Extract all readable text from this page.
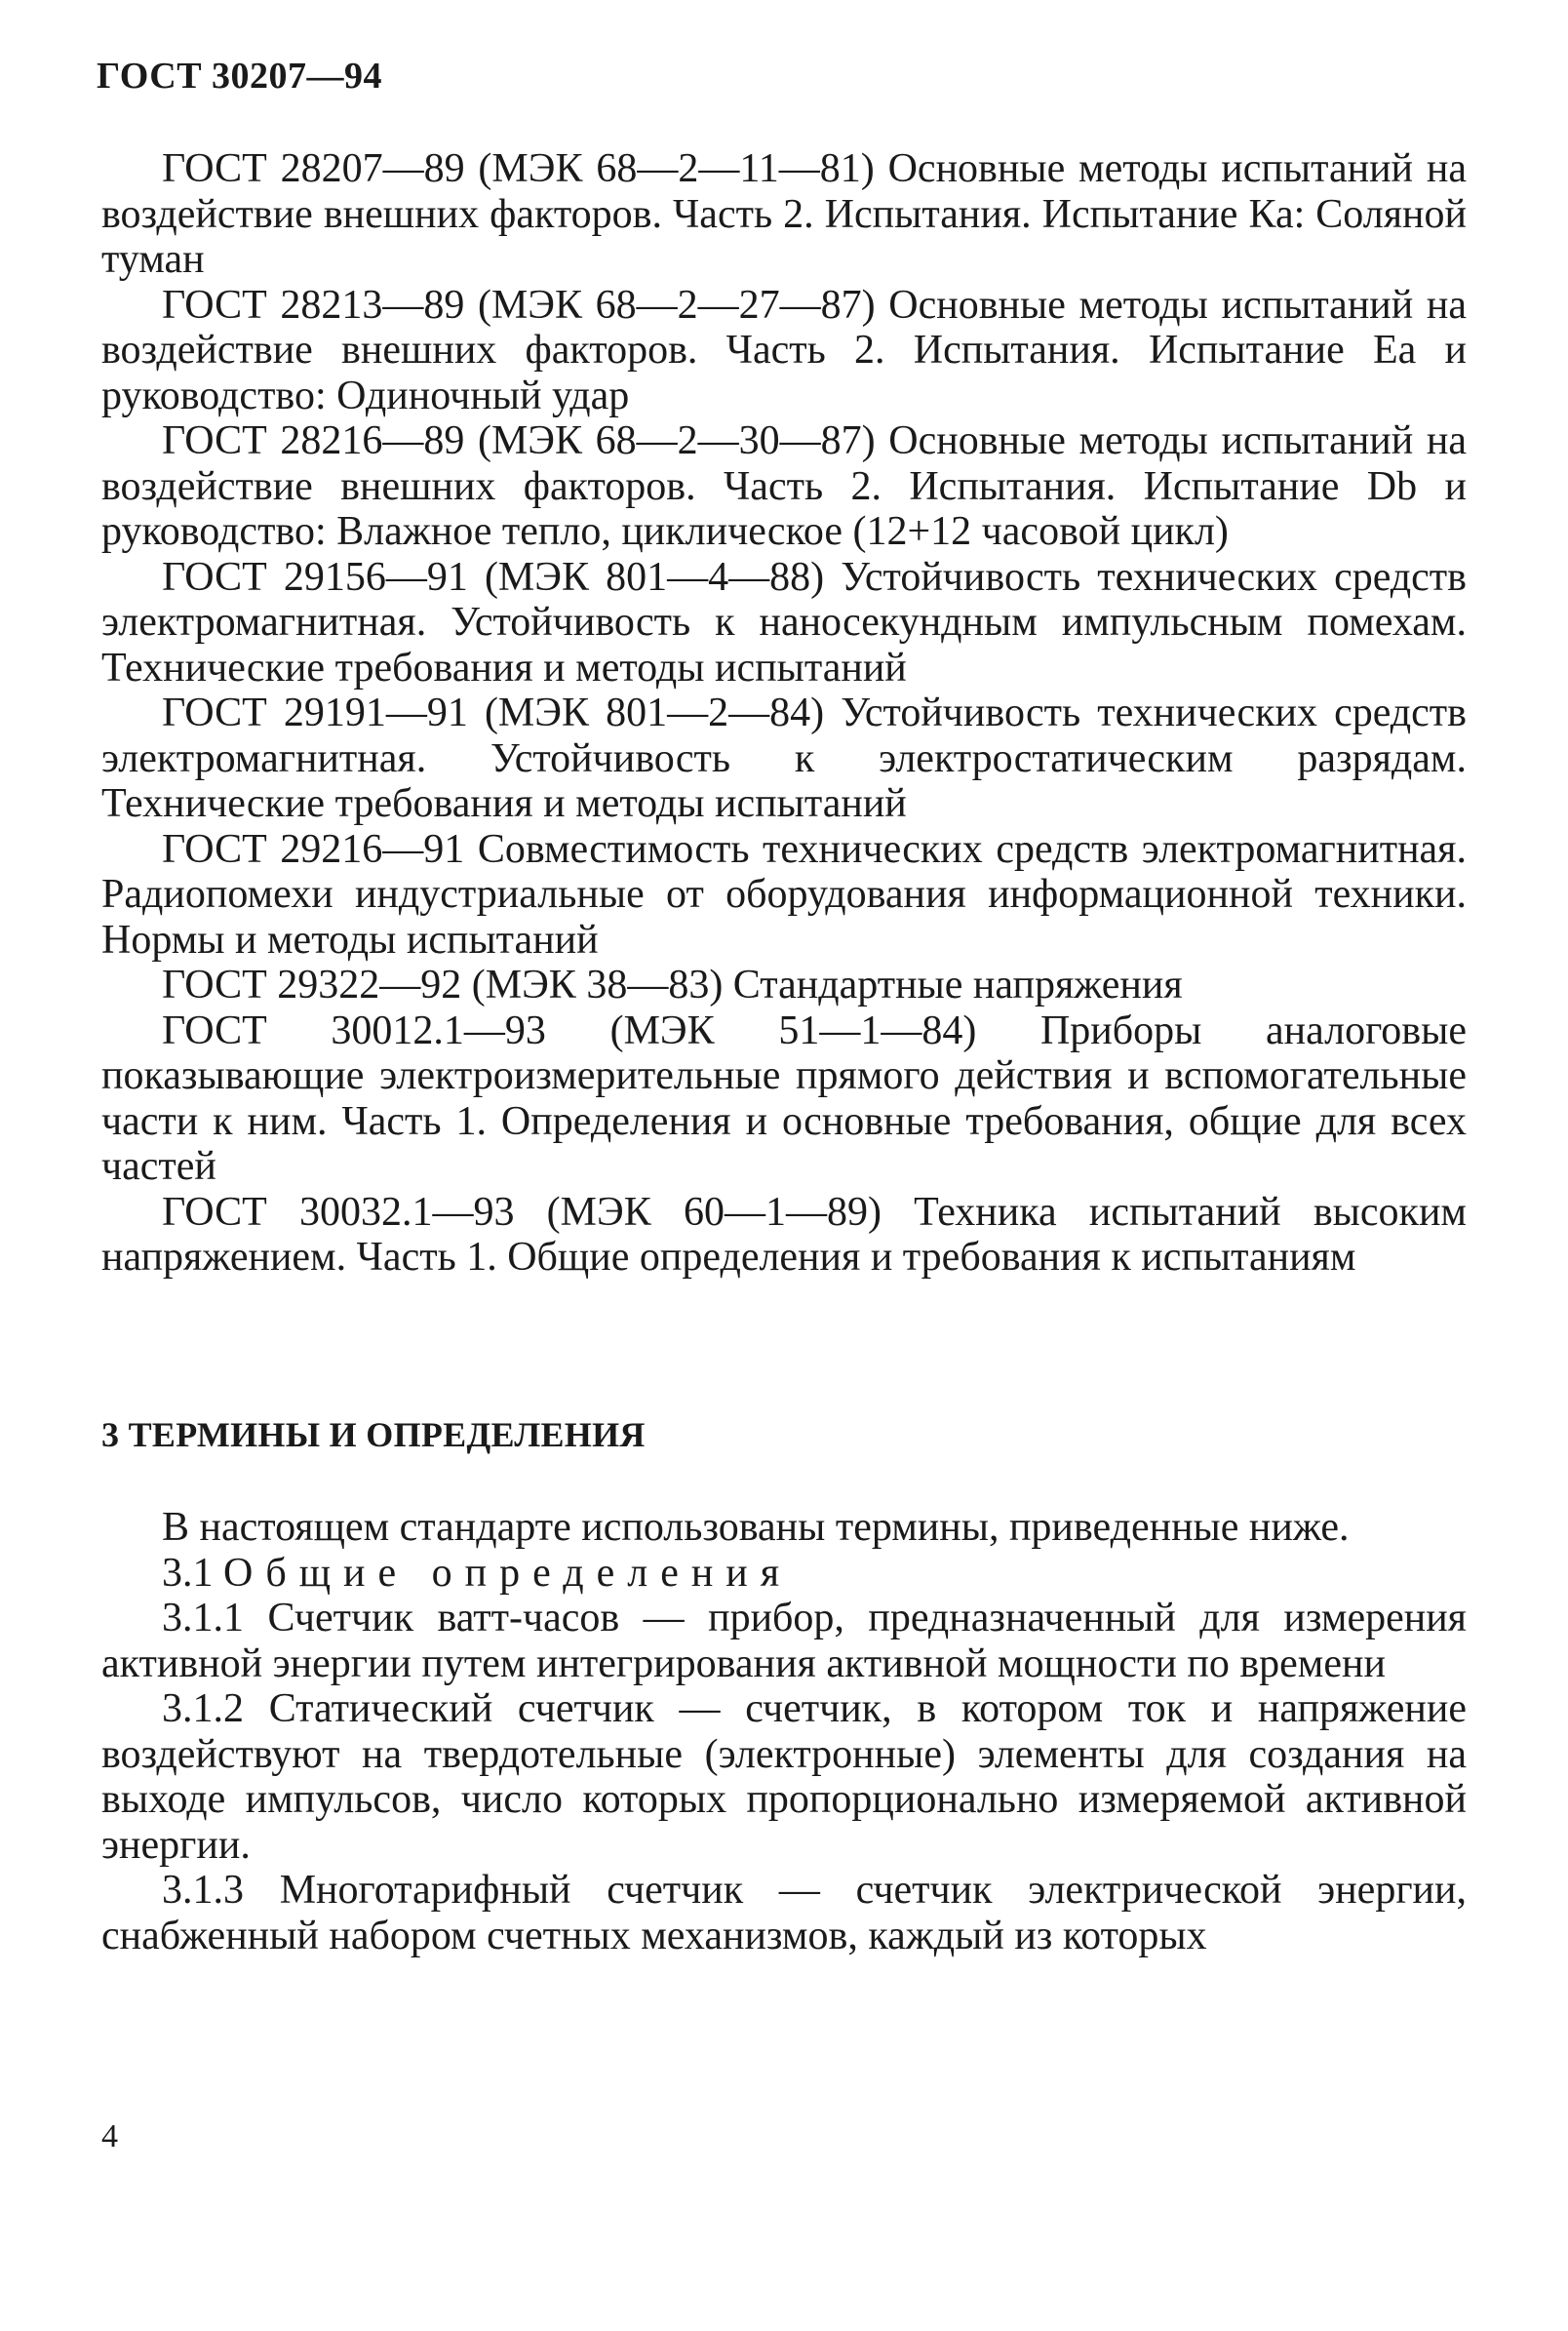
ГОСТ 30207—94

ГОСТ 28207—89 (МЭК 68—2—11—81) Основные методы испытаний на воздействие внешних факторов. Часть 2. Испытания. Испытание Ка: Соляной туман

ГОСТ 28213—89 (МЭК 68—2—27—87) Основные методы испытаний на воздействие внешних факторов. Часть 2. Испытания. Испытание Еа и руководство: Одиночный удар

ГОСТ 28216—89 (МЭК 68—2—30—87) Основные методы испытаний на воздействие внешних факторов. Часть 2. Испытания. Испытание Db и руководство: Влажное тепло, циклическое (12+12 часовой цикл)

ГОСТ 29156—91 (МЭК 801—4—88) Устойчивость технических средств электромагнитная. Устойчивость к наносекундным импульсным помехам. Технические требования и методы испытаний

ГОСТ 29191—91 (МЭК 801—2—84) Устойчивость технических средств электромагнитная. Устойчивость к электростатическим разрядам. Технические требования и методы испытаний

ГОСТ 29216—91 Совместимость технических средств электромагнитная. Радиопомехи индустриальные от оборудования информационной техники. Нормы и методы испытаний

ГОСТ 29322—92 (МЭК 38—83) Стандартные напряжения

ГОСТ 30012.1—93 (МЭК 51—1—84) Приборы аналоговые показывающие электроизмерительные прямого действия и вспомогательные части к ним. Часть 1. Определения и основные требования, общие для всех частей

ГОСТ 30032.1—93 (МЭК 60—1—89) Техника испытаний высоким напряжением. Часть 1. Общие определения и требования к испытаниям

3 ТЕРМИНЫ И ОПРЕДЕЛЕНИЯ

В настоящем стандарте использованы термины, приведенные ниже.

3.1 Общие определения

3.1.1 Счетчик ватт-часов — прибор, предназначенный для измерения активной энергии путем интегрирования активной мощности по времени

3.1.2 Статический счетчик — счетчик, в котором ток и напряжение воздействуют на твердотельные (электронные) элементы для создания на выходе импульсов, число которых пропорционально измеряемой активной энергии.

3.1.3 Многотарифный счетчик — счетчик электрической энергии, снабженный набором счетных механизмов, каждый из которых

4
